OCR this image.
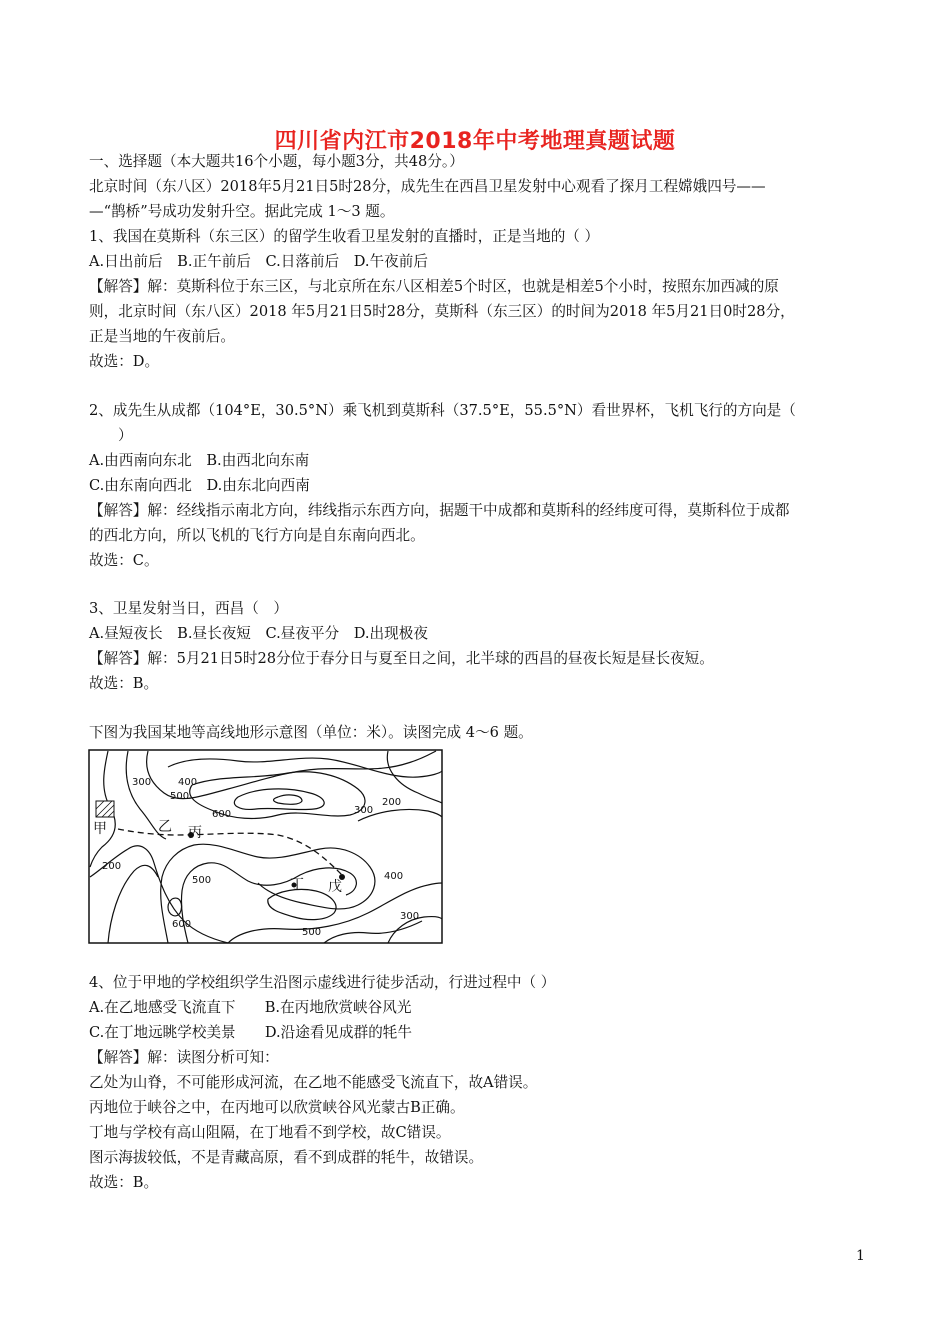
四川省内江市2018年中考地理真题试题
一、选择题（本大题共16个小题，每小题3分，共48分。）
北京时间（东八区）2018年5月21日5时28分，成先生在西昌卫星发射中心观看了探月工程嫦娥四号——
—“鹊桥”号成功发射升空。据此完成 1～3 题。
1、我国在莫斯科（东三区）的留学生收看卫星发射的直播时，正是当地的（ ）
A.日出前后　B.正午前后　C.日落前后　D.午夜前后
【解答】解：莫斯科位于东三区，与北京所在东八区相差5个时区，也就是相差5个小时，按照东加西减的原
则，北京时间（东八区）2018 年5月21日5时28分，莫斯科（东三区）的时间为2018 年5月21日0时28分，
正是当地的午夜前后。
故选：D。
2、成先生从成都（104°E，30.5°N）乘飞机到莫斯科（37.5°E，55.5°N）看世界杯，飞机飞行的方向是（
）
A.由西南向东北　B.由西北向东南
C.由东南向西北　D.由东北向西南
【解答】解：经线指示南北方向，纬线指示东西方向，据题干中成都和莫斯科的经纬度可得，莫斯科位于成都
的西北方向，所以飞机的飞行方向是自东南向西北。
故选：C。
3、卫星发射当日，西昌（　）
A.昼短夜长　B.昼长夜短　C.昼夜平分　D.出现极夜
【解答】解：5月21日5时28分位于春分日与夏至日之间，北半球的西昌的昼夜长短是昼长夜短。
故选：B。
下图为我国某地等高线地形示意图（单位：米）。读图完成 4～6 题。
300	400
500
600	300
200
200
500	400
300
600
500
甲	乙 丙
丁 戊
4、位于甲地的学校组织学生沿图示虚线进行徒步活动，行进过程中（ ）
A.在乙地感受飞流直下　　B.在丙地欣赏峡谷风光
C.在丁地远眺学校美景　　D.沿途看见成群的牦牛
【解答】解：读图分析可知：
乙处为山脊，不可能形成河流，在乙地不能感受飞流直下，故A错误。
丙地位于峡谷之中，在丙地可以欣赏峡谷风光蒙古B正确。
丁地与学校有高山阻隔，在丁地看不到学校，故C错误。
图示海拔较低，不是青藏高原，看不到成群的牦牛，故错误。
故选：B。
1
